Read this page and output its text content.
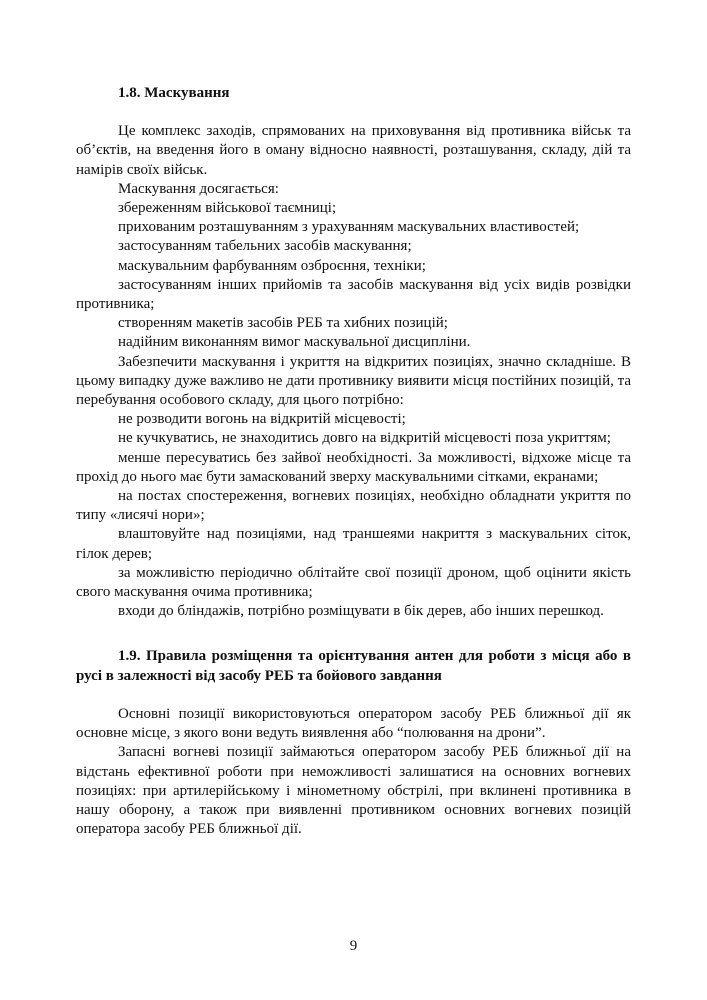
1.8. Маскування

Це комплекс заходів, спрямованих на приховування від противника військ та об’єктів, на введення його в оману відносно наявності, розташування, складу, дій та намірів своїх військ.

Маскування досягається:

збереженням військової таємниці;

прихованим розташуванням з урахуванням маскувальних властивостей;

застосуванням табельних засобів маскування;

маскувальним фарбуванням озброєння, техніки;

застосуванням інших прийомів та засобів маскування від усіх видів розвідки противника;

створенням макетів засобів РЕБ та хибних позицій;

надійним виконанням вимог маскувальної дисципліни.

Забезпечити маскування і укриття на відкритих позиціях, значно складніше. В цьому випадку дуже важливо не дати противнику виявити місця постійних позицій, та перебування особового складу, для цього потрібно:

не розводити вогонь на відкритій місцевості;

не кучкуватись, не знаходитись довго на відкритій місцевості поза укриттям;

менше пересуватись без зайвої необхідності. За можливості, відхоже місце та прохід до нього має бути замаскований зверху маскувальними сітками, екранами;

на постах спостереження, вогневих позиціях, необхідно обладнати укриття по типу «лисячі нори»;

влаштовуйте над позиціями, над траншеями накриття з маскувальних сіток, гілок дерев;

за можливістю періодично облітайте свої позиції дроном, щоб оцінити якість свого маскування очима противника;

входи до бліндажів, потрібно розміщувати в бік дерев, або інших перешкод.

1.9. Правила розміщення та орієнтування антен для роботи з місця або в русі в залежності від засобу РЕБ та бойового завдання

Основні позиції використовуються оператором засобу РЕБ ближньої дії як основне місце, з якого вони ведуть виявлення або “полювання на дрони”.

Запасні вогневі позиції займаються оператором засобу РЕБ ближньої дії на відстань ефективної роботи при неможливості залишатися на основних вогневих позиціях: при артилерійському і мінометному обстрілі, при вклинені противника в нашу оборону, а також при виявленні противником основних вогневих позицій оператора засобу РЕБ ближньої дії.

9
